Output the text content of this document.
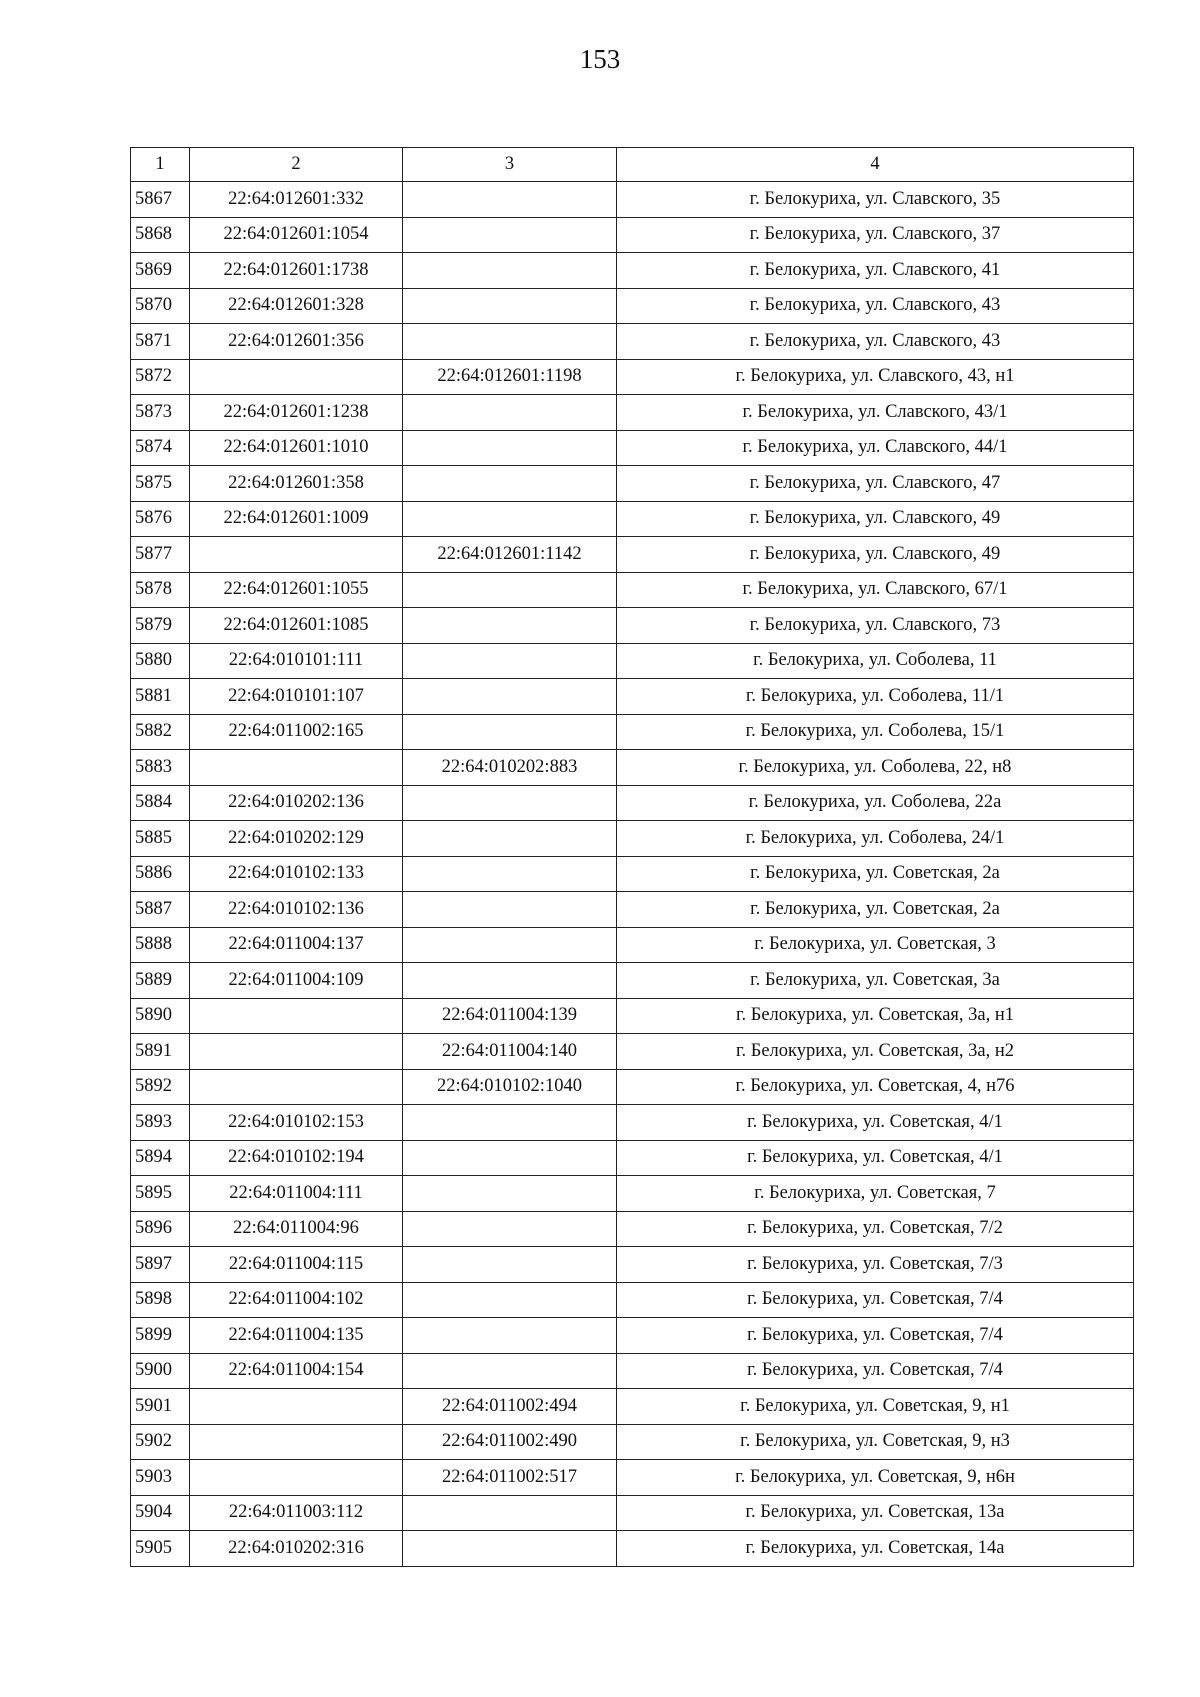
153
1	2	3	4
5867	22:64:012601:332		г. Белокуриха, ул. Славского, 35
5868	22:64:012601:1054		г. Белокуриха, ул. Славского, 37
5869	22:64:012601:1738		г. Белокуриха, ул. Славского, 41
5870	22:64:012601:328		г. Белокуриха, ул. Славского, 43
5871	22:64:012601:356		г. Белокуриха, ул. Славского, 43
5872		22:64:012601:1198	г. Белокуриха, ул. Славского, 43, н1
5873	22:64:012601:1238		г. Белокуриха, ул. Славского, 43/1
5874	22:64:012601:1010		г. Белокуриха, ул. Славского, 44/1
5875	22:64:012601:358		г. Белокуриха, ул. Славского, 47
5876	22:64:012601:1009		г. Белокуриха, ул. Славского, 49
5877		22:64:012601:1142	г. Белокуриха, ул. Славского, 49
5878	22:64:012601:1055		г. Белокуриха, ул. Славского, 67/1
5879	22:64:012601:1085		г. Белокуриха, ул. Славского, 73
5880	22:64:010101:111		г. Белокуриха, ул. Соболева, 11
5881	22:64:010101:107		г. Белокуриха, ул. Соболева, 11/1
5882	22:64:011002:165		г. Белокуриха, ул. Соболева, 15/1
5883		22:64:010202:883	г. Белокуриха, ул. Соболева, 22, н8
5884	22:64:010202:136		г. Белокуриха, ул. Соболева, 22а
5885	22:64:010202:129		г. Белокуриха, ул. Соболева, 24/1
5886	22:64:010102:133		г. Белокуриха, ул. Советская, 2а
5887	22:64:010102:136		г. Белокуриха, ул. Советская, 2а
5888	22:64:011004:137		г. Белокуриха, ул. Советская, 3
5889	22:64:011004:109		г. Белокуриха, ул. Советская, 3а
5890		22:64:011004:139	г. Белокуриха, ул. Советская, 3а, н1
5891		22:64:011004:140	г. Белокуриха, ул. Советская, 3а, н2
5892		22:64:010102:1040	г. Белокуриха, ул. Советская, 4, н76
5893	22:64:010102:153		г. Белокуриха, ул. Советская, 4/1
5894	22:64:010102:194		г. Белокуриха, ул. Советская, 4/1
5895	22:64:011004:111		г. Белокуриха, ул. Советская, 7
5896	22:64:011004:96		г. Белокуриха, ул. Советская, 7/2
5897	22:64:011004:115		г. Белокуриха, ул. Советская, 7/3
5898	22:64:011004:102		г. Белокуриха, ул. Советская, 7/4
5899	22:64:011004:135		г. Белокуриха, ул. Советская, 7/4
5900	22:64:011004:154		г. Белокуриха, ул. Советская, 7/4
5901		22:64:011002:494	г. Белокуриха, ул. Советская, 9, н1
5902		22:64:011002:490	г. Белокуриха, ул. Советская, 9, н3
5903		22:64:011002:517	г. Белокуриха, ул. Советская, 9, н6н
5904	22:64:011003:112		г. Белокуриха, ул. Советская, 13а
5905	22:64:010202:316		г. Белокуриха, ул. Советская, 14а
